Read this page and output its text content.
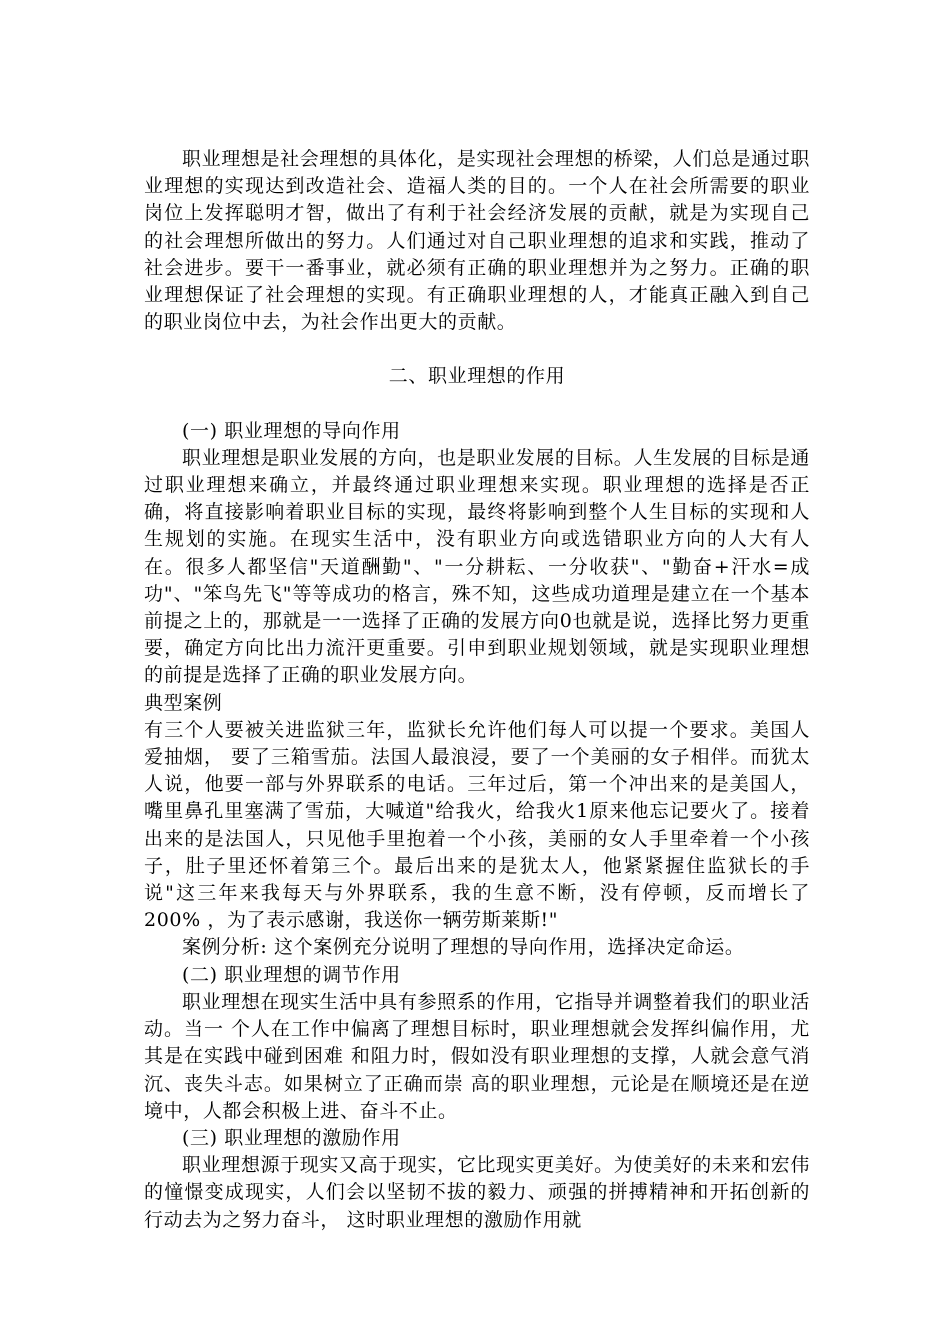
职业理想是社会理想的具体化，是实现社会理想的桥梁，人们总是通过职业理想的实现达到改造社会、造福人类的目的。一个人在社会所需要的职业岗位上发挥聪明才智，做出了有利于社会经济发展的贡献，就是为实现自己的社会理想所做出的努力。人们通过对自己职业理想的追求和实践，推动了社会进步。要干一番事业，就必须有正确的职业理想并为之努力。正确的职业理想保证了社会理想的实现。有正确职业理想的人，才能真正融入到自己的职业岗位中去，为社会作出更大的贡献。

二、职业理想的作用

(一) 职业理想的导向作用

职业理想是职业发展的方向，也是职业发展的目标。人生发展的目标是通过职业理想来确立，并最终通过职业理想来实现。职业理想的选择是否正确，将直接影响着职业目标的实现，最终将影响到整个人生目标的实现和人生规划的实施。在现实生活中，没有职业方向或选错职业方向的人大有人在。很多人都坚信"天道酬勤"、"一分耕耘、一分收获"、"勤奋+汗水=成功"、"笨鸟先飞"等等成功的格言，殊不知，这些成功道理是建立在一个基本前提之上的，那就是一一选择了正确的发展方向0也就是说，选择比努力更重要，确定方向比出力流汗更重要。引申到职业规划领域，就是实现职业理想的前提是选择了正确的职业发展方向。

典型案例

有三个人要被关进监狱三年，监狱长允许他们每人可以提一个要求。美国人爱抽烟， 要了三箱雪茄。法国人最浪浸，要了一个美丽的女子相伴。而犹太人说，他要一部与外界联系的电话。三年过后，第一个冲出来的是美国人，嘴里鼻孔里塞满了雪茄，大喊道"给我火，给我火1原来他忘记要火了。接着出来的是法国人，只见他手里抱着一个小孩，美丽的女人手里牵着一个小孩子，肚子里还怀着第三个。最后出来的是犹太人，他紧紧握住监狱长的手说"这三年来我每天与外界联系，我的生意不断，没有停顿，反而增长了 200% ，为了表示感谢，我送你一辆劳斯莱斯!"

案例分析: 这个案例充分说明了理想的导向作用，选择决定命运。

(二) 职业理想的调节作用

职业理想在现实生活中具有参照系的作用，它指导并调整着我们的职业活动。当一 个人在工作中偏离了理想目标时，职业理想就会发挥纠偏作用，尤其是在实践中碰到困难 和阻力时，假如没有职业理想的支撑，人就会意气消沉、丧失斗志。如果树立了正确而崇 高的职业理想，元论是在顺境还是在逆境中，人都会积极上进、奋斗不止。

(三) 职业理想的激励作用

职业理想源于现实又高于现实，它比现实更美好。为使美好的未来和宏伟的憧憬变成现实，人们会以坚韧不拔的毅力、顽强的拼搏精神和开拓创新的行动去为之努力奋斗， 这时职业理想的激励作用就
